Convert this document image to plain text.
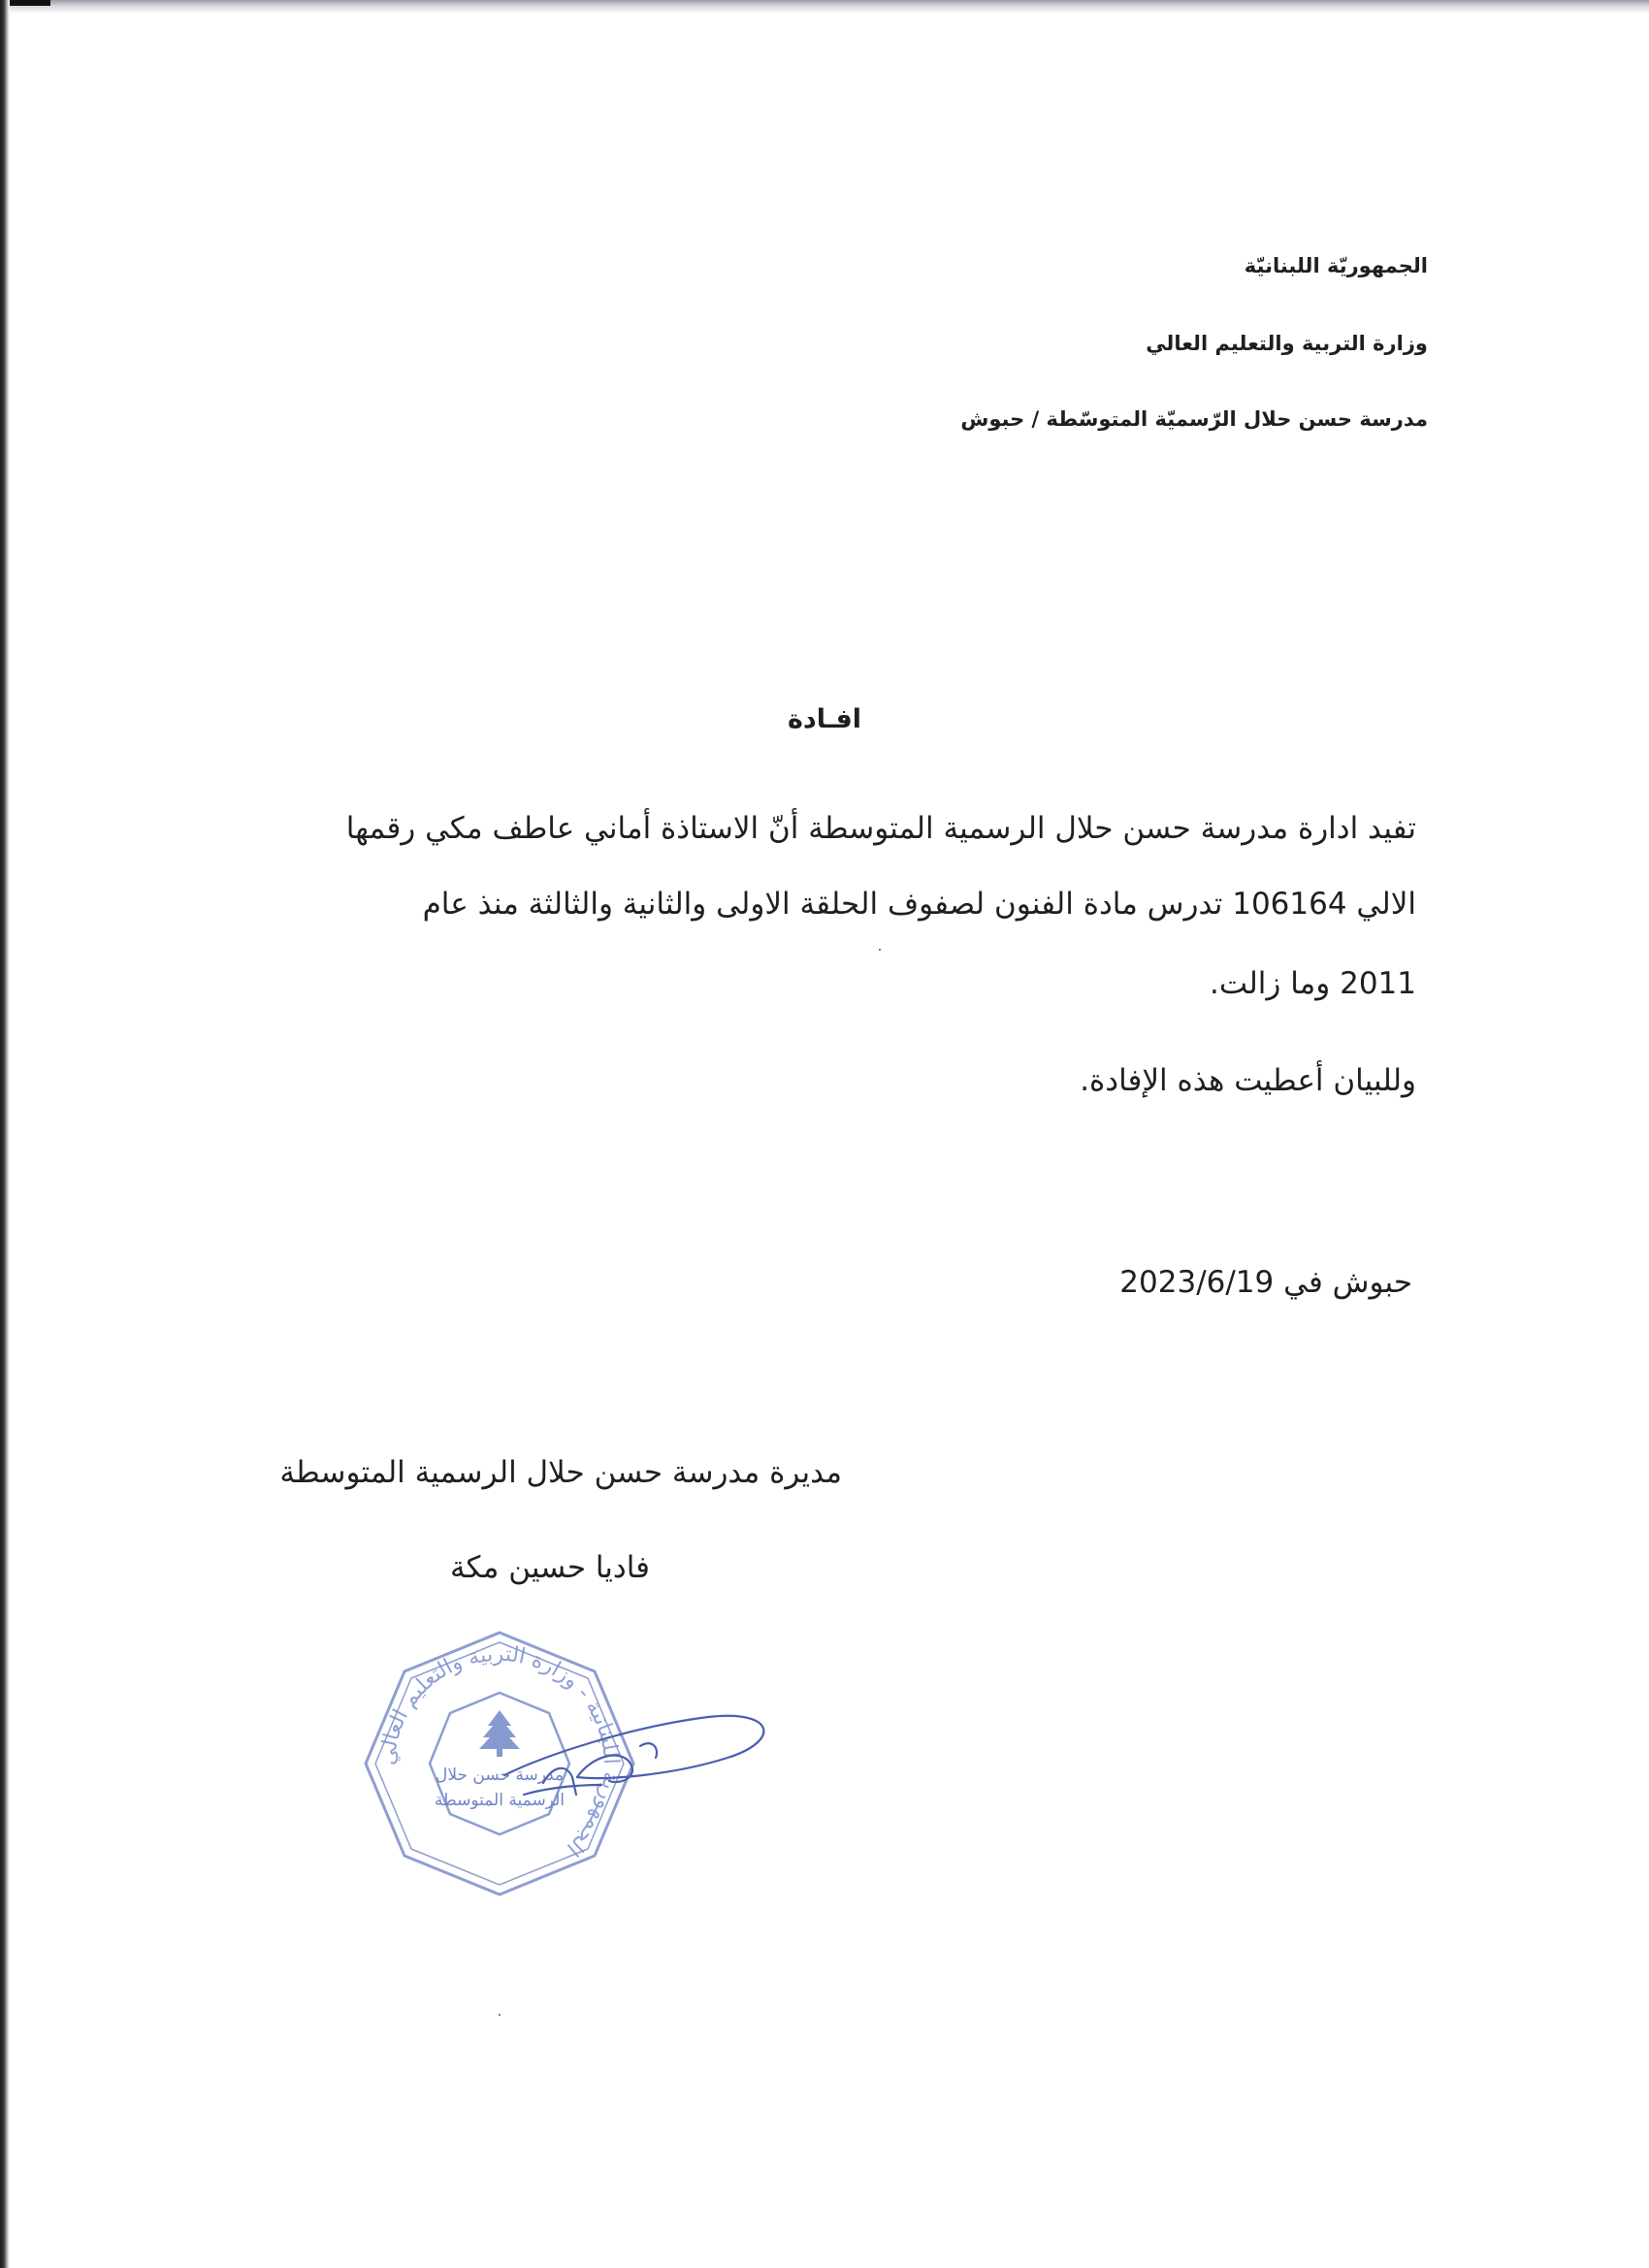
الجمهوريّة اللبنانيّة
وزارة التربية والتعليم العالي
مدرسة حسن حلال الرّسميّة المتوسّطة / حبوش
افـادة
تفيد ادارة مدرسة حسن حلال الرسمية المتوسطة أنّ الاستاذة أماني عاطف مكي رقمها
الالي 106164 تدرس مادة الفنون لصفوف الحلقة الاولى والثانية والثالثة منذ عام
2011 وما زالت.
وللبيان أعطيت هذه الإفادة.
حبوش في 2023/6/19
مديرة مدرسة حسن حلال الرسمية المتوسطة
فاديا حسين مكة
الجمهورية اللبنانية - وزارة التربية والتعليم العالي
مدرسة حسن حلال
الرسمية المتوسطة
